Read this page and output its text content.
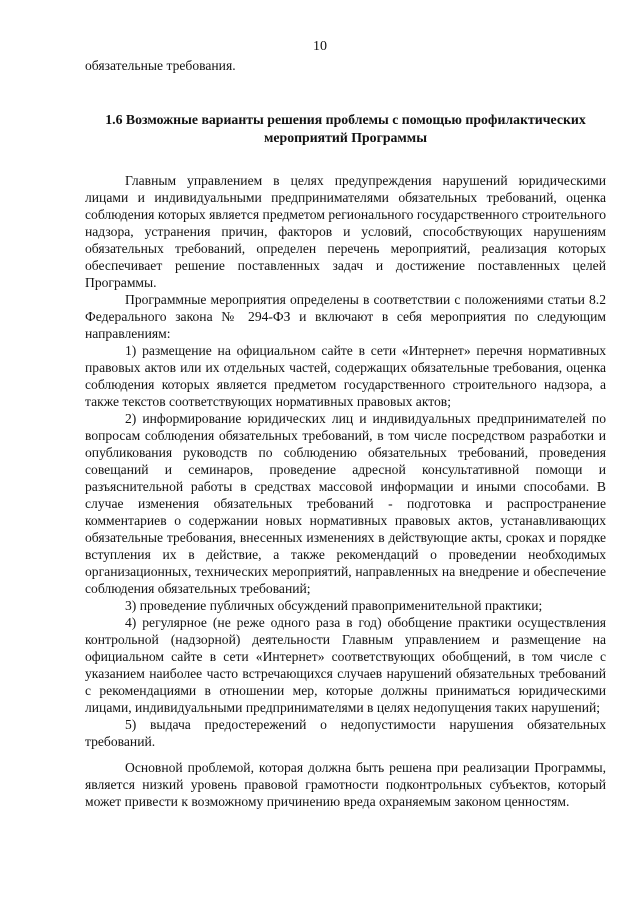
10

обязательные требования.

1.6 Возможные варианты решения проблемы с помощью профилактических мероприятий Программы

Главным управлением в целях предупреждения нарушений юридическими лицами и индивидуальными предпринимателями обязательных требований, оценка соблюдения которых является предметом регионального государственного строительного надзора, устранения причин, факторов и условий, способствующих нарушениям обязательных требований, определен перечень мероприятий, реализация которых обеспечивает решение поставленных задач и достижение поставленных целей Программы.

Программные мероприятия определены в соответствии с положениями статьи 8.2 Федерального закона № 294-ФЗ и включают в себя мероприятия по следующим направлениям:

1) размещение на официальном сайте в сети «Интернет» перечня нормативных правовых актов или их отдельных частей, содержащих обязательные требования, оценка соблюдения которых является предметом государственного строительного надзора, а также текстов соответствующих нормативных правовых актов;

2) информирование юридических лиц и индивидуальных предпринимателей по вопросам соблюдения обязательных требований, в том числе посредством разработки и опубликования руководств по соблюдению обязательных требований, проведения совещаний и семинаров, проведение адресной консультативной помощи и разъяснительной работы в средствах массовой информации и иными способами. В случае изменения обязательных требований - подготовка и распространение комментариев о содержании новых нормативных правовых актов, устанавливающих обязательные требования, внесенных изменениях в действующие акты, сроках и порядке вступления их в действие, а также рекомендаций о проведении необходимых организационных, технических мероприятий, направленных на внедрение и обеспечение соблюдения обязательных требований;

3) проведение публичных обсуждений правоприменительной практики;

4) регулярное (не реже одного раза в год) обобщение практики осуществления контрольной (надзорной) деятельности Главным управлением и размещение на официальном сайте в сети «Интернет» соответствующих обобщений, в том числе с указанием наиболее часто встречающихся случаев нарушений обязательных требований с рекомендациями в отношении мер, которые должны приниматься юридическими лицами, индивидуальными предпринимателями в целях недопущения таких нарушений;

5) выдача предостережений о недопустимости нарушения обязательных требований.

Основной проблемой, которая должна быть решена при реализации Программы, является низкий уровень правовой грамотности подконтрольных субъектов, который может привести к возможному причинению вреда охраняемым законом ценностям.
